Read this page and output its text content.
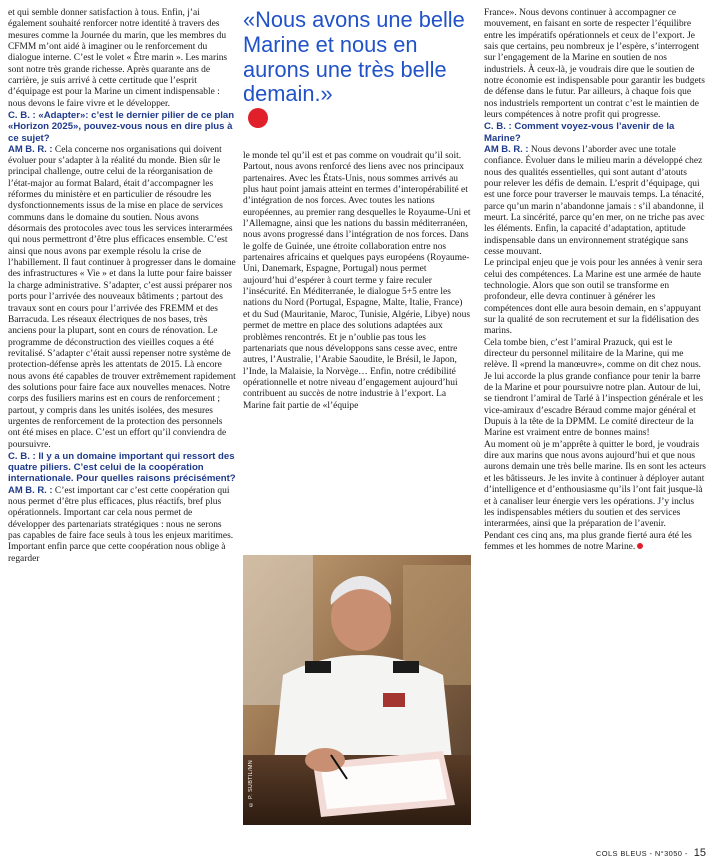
et qui semble donner satisfaction à tous. Enfin, j’ai également souhaité renforcer notre identité à travers des mesures comme la Journée du marin, que les membres du CFMM m’ont aidé à imaginer ou le renforcement du dialogue interne. C’est le volet « Être marin ». Les marins sont notre très grande richesse. Après quarante ans de carrière, je suis arrivé à cette certitude que l’esprit d’équipage est pour la Marine un ciment indispensable : nous devons le faire vivre et le développer.

C. B. : «Adapter»: c’est le dernier pilier de ce plan «Horizon 2025», pouvez-vous nous en dire plus à ce sujet?

AM B. R. : Cela concerne nos organisations qui doivent évoluer pour s’adapter à la réalité du monde. Bien sûr le principal challenge, outre celui de la réorganisation de l’état-major au format Balard, était d’accompagner les réformes du ministère et en particulier de résoudre les dysfonctionnements issus de la mise en place de services communs dans le domaine du soutien. Nous avons désormais des protocoles avec tous les services interarmées qui nous permettront d’être plus efficaces ensemble. C’est ainsi que nous avons par exemple résolu la crise de l’habillement. Il faut continuer à progresser dans le domaine des infrastructures « Vie » et dans la lutte pour faire baisser la charge administrative. S’adapter, c’est aussi préparer nos ports pour l’arrivée des nouveaux bâtiments ; partout des travaux sont en cours pour l’arrivée des FREMM et des Barracuda. Les réseaux électriques de nos bases, très anciens pour la plupart, sont en cours de rénovation. Le programme de déconstruction des vieilles coques a été revitalisé. S’adapter c’était aussi repenser notre système de protection-défense après les attentats de 2015. Là encore nous avons été capables de trouver extrêmement rapidement des solutions pour faire face aux nouvelles menaces. Notre corps des fusiliers marins est en cours de renforcement ; partout, y compris dans les unités isolées, des mesures urgentes de renforcement de la protection des personnels ont été mises en place. C’est un effort qu’il conviendra de poursuivre.

C. B. : Il y a un domaine important qui ressort des quatre piliers. C’est celui de la coopération internationale. Pour quelles raisons précisément?

AM B. R. : C’est important car c’est cette coopération qui nous permet d’être plus efficaces, plus réactifs, bref plus opérationnels. Important car cela nous permet de développer des partenariats stratégiques : nous ne serons pas capables de faire face seuls à tous les enjeux maritimes. Important enfin parce que cette coopération nous oblige à regarder

«Nous avons une belle Marine et nous en aurons une très belle demain.»

le monde tel qu’il est et pas comme on voudrait qu’il soit. Partout, nous avons renforcé des liens avec nos principaux partenaires. Avec les États-Unis, nous sommes arrivés au plus haut point jamais atteint en termes d’interopérabilité et d’intégration de nos forces. Avec toutes les nations européennes, au premier rang desquelles le Royaume-Uni et l’Allemagne, ainsi que les nations du bassin méditerranéen, nous avons progressé dans l’intégration de nos forces. Dans le golfe de Guinée, une étroite collaboration entre nos partenaires africains et quelques pays européens (Royaume-Uni, Danemark, Espagne, Portugal) nous permet aujourd’hui d’espérer à court terme y faire reculer l’insécurité. En Méditerranée, le dialogue 5+5 entre les nations du Nord (Portugal, Espagne, Malte, Italie, France) et du Sud (Mauritanie, Maroc, Tunisie, Algérie, Libye) nous permet de mettre en place des solutions adaptées aux problèmes rencontrés. Et je n’oublie pas tous les partenariats que nous développons sans cesse avec, entre autres, l’Australie, l’Arabie Saoudite, le Brésil, le Japon, l’Inde, la Malaisie, la Norvège… Enfin, notre crédibilité opérationnelle et notre niveau d’engagement aujourd’hui contribuent au succès de notre industrie à l’export. La Marine fait partie de «l’équipe

© P. SUBTIL/MN

France». Nous devons continuer à accompagner ce mouvement, en faisant en sorte de respecter l’équilibre entre les impératifs opérationnels et ceux de l’export. Je sais que certains, peu nombreux je l’espère, s’interrogent sur l’engagement de la Marine en soutien de nos industriels. À ceux-là, je voudrais dire que le soutien de notre économie est indispensable pour garantir les budgets de défense dans le futur. Par ailleurs, à chaque fois que nos industriels remportent un contrat c’est le maintien de leurs compétences à notre profit qui progresse.

C. B. : Comment voyez-vous l’avenir de la Marine?

AM B. R. : Nous devons l’aborder avec une totale confiance. Évoluer dans le milieu marin a développé chez nous des qualités essentielles, qui sont autant d’atouts pour relever les défis de demain. L’esprit d’équipage, qui est une force pour traverser le mauvais temps. La ténacité, parce qu’un marin n’abandonne jamais : s’il abandonne, il meurt. La sincérité, parce qu’en mer, on ne triche pas avec les éléments. Enfin, la capacité d’adaptation, aptitude indispensable dans un environnement stratégique sans cesse mouvant.

Le principal enjeu que je vois pour les années à venir sera celui des compétences. La Marine est une armée de haute technologie. Alors que son outil se transforme en profondeur, elle devra continuer à générer les compétences dont elle aura besoin demain, en s’appuyant sur la qualité de son recrutement et sur la fidélisation des marins.

Cela tombe bien, c’est l’amiral Prazuck, qui est le directeur du personnel militaire de la Marine, qui me relève. Il «prend la manœuvre», comme on dit chez nous. Je lui accorde la plus grande confiance pour tenir la barre de la Marine et pour poursuivre notre plan. Autour de lui, se tiendront l’amiral de Tarlé à l’inspection générale et les vice-amiraux d’escadre Béraud comme major général et Dupuis à la tête de la DPMM. Le comité directeur de la Marine est vraiment entre de bonnes mains!

Au moment où je m’apprête à quitter le bord, je voudrais dire aux marins que nous avons aujourd’hui et que nous aurons demain une très belle marine. Ils en sont les acteurs et les bâtisseurs. Je les invite à continuer à déployer autant d’intelligence et d’enthousiasme qu’ils l’ont fait jusque-là et à canaliser leur énergie vers les opérations. J’y inclus les indispensables métiers du soutien et des services interarmées, ainsi que la préparation de l’avenir.

Pendant ces cinq ans, ma plus grande fierté aura été les femmes et les hommes de notre Marine.

COLS BLEUS - N°3050 - 15
